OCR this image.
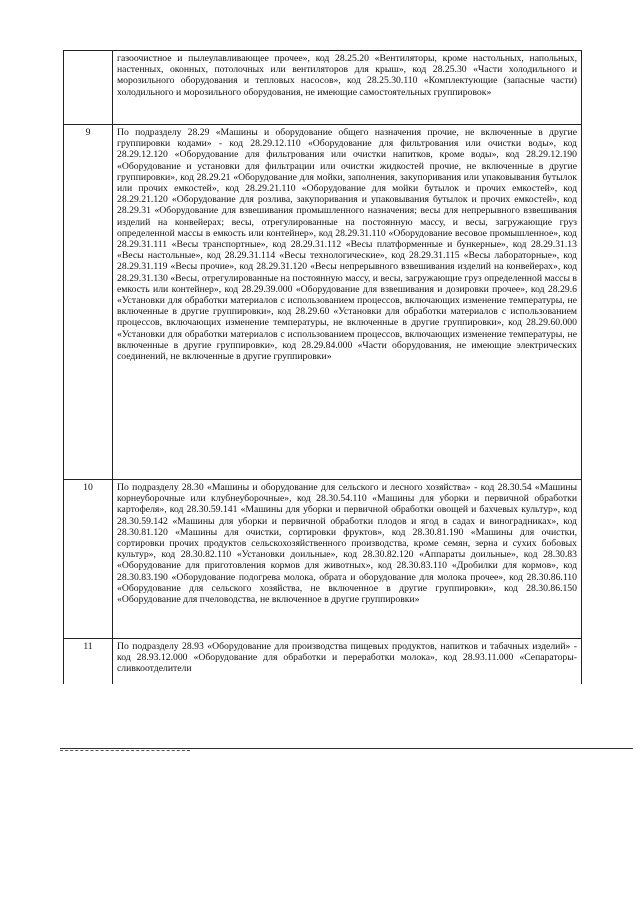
	газоочистное и пылеулавливающее прочее», код 28.25.20 «Вентиляторы, кроме настольных, напольных, настенных, оконных, потолочных или вентиляторов для крыш», код 28.25.30 «Части холодильного и морозильного оборудования и тепловых насосов», код 28.25.30.110 «Комплектующие (запасные части) холодильного и морозильного оборудования, не имеющие самостоятельных группировок»
9	По подразделу 28.29 «Машины и оборудование общего назначения прочие, не включенные в другие группировки кодами» - код 28.29.12.110 «Оборудование для фильтрования или очистки воды», код 28.29.12.120 «Оборудование для фильтрования или очистки напитков, кроме воды», код 28.29.12.190 «Оборудование и установки для фильтрации или очистки жидкостей прочие, не включенные в другие группировки», код 28.29.21 «Оборудование для мойки, заполнения, закупоривания или упаковывания бутылок или прочих емкостей», код 28.29.21.110 «Оборудование для мойки бутылок и прочих емкостей», код 28.29.21.120 «Оборудование для розлива, закупоривания и упаковывания бутылок и прочих емкостей», код 28.29.31 «Оборудование для взвешивания промышленного назначения; весы для непрерывного взвешивания изделий на конвейерах; весы, отрегулированные на постоянную массу, и весы, загружающие груз определенной массы в емкость или контейнер», код 28.29.31.110 «Оборудование весовое промышленное», код 28.29.31.111 «Весы транспортные», код 28.29.31.112 «Весы платформенные и бункерные», код 28.29.31.13 «Весы настольные», код 28.29.31.114 «Весы технологические», код 28.29.31.115 «Весы лабораторные», код 28.29.31.119 «Весы прочие», код 28.29.31.120 «Весы непрерывного взвешивания изделий на конвейерах», код 28.29.31.130 «Весы, отрегулированные на постоянную массу, и весы, загружающие груз определенной массы в емкость или контейнер», код 28.29.39.000 «Оборудование для взвешивания и дозировки прочее», код 28.29.6 «Установки для обработки материалов с использованием процессов, включающих изменение температуры, не включенные в другие группировки», код 28.29.60 «Установки для обработки материалов с использованием процессов, включающих изменение температуры, не включенные в другие группировки», код 28.29.60.000 «Установки для обработки материалов с использованием процессов, включающих изменение температуры, не включенные в другие группировки», код 28.29.84.000 «Части оборудования, не имеющие электрических соединений, не включенные в другие группировки»
10	По подразделу 28.30 «Машины и оборудование для сельского и лесного хозяйства» - код 28.30.54 «Машины корнеуборочные или клубнеуборочные», код 28.30.54.110 «Машины для уборки и первичной обработки картофеля», код 28.30.59.141 «Машины для уборки и первичной обработки овощей и бахчевых культур», код 28.30.59.142 «Машины для уборки и первичной обработки плодов и ягод в садах и виноградниках», код 28.30.81.120 «Машины для очистки, сортировки фруктов», код 28.30.81.190 «Машины для очистки, сортировки прочих продуктов сельскохозяйственного производства, кроме семян, зерна и сухих бобовых культур», код 28.30.82.110 «Установки доильные», код 28.30.82.120 «Аппараты доильные», код 28.30.83 «Оборудование для приготовления кормов для животных», код 28.30.83.110 «Дробилки для кормов», код 28.30.83.190 «Оборудование подогрева молока, обрата и оборудование для молока прочее», код 28.30.86.110 «Оборудование для сельского хозяйства, не включенное в другие группировки», код 28.30.86.150 «Оборудование для пчеловодства, не включенное в другие группировки»
11	По подразделу 28.93 «Оборудование для производства пищевых продуктов, напитков и табачных изделий» - код 28.93.12.000 «Оборудование для обработки и переработки молока», код 28.93.11.000 «Сепараторы-сливкоотделители
